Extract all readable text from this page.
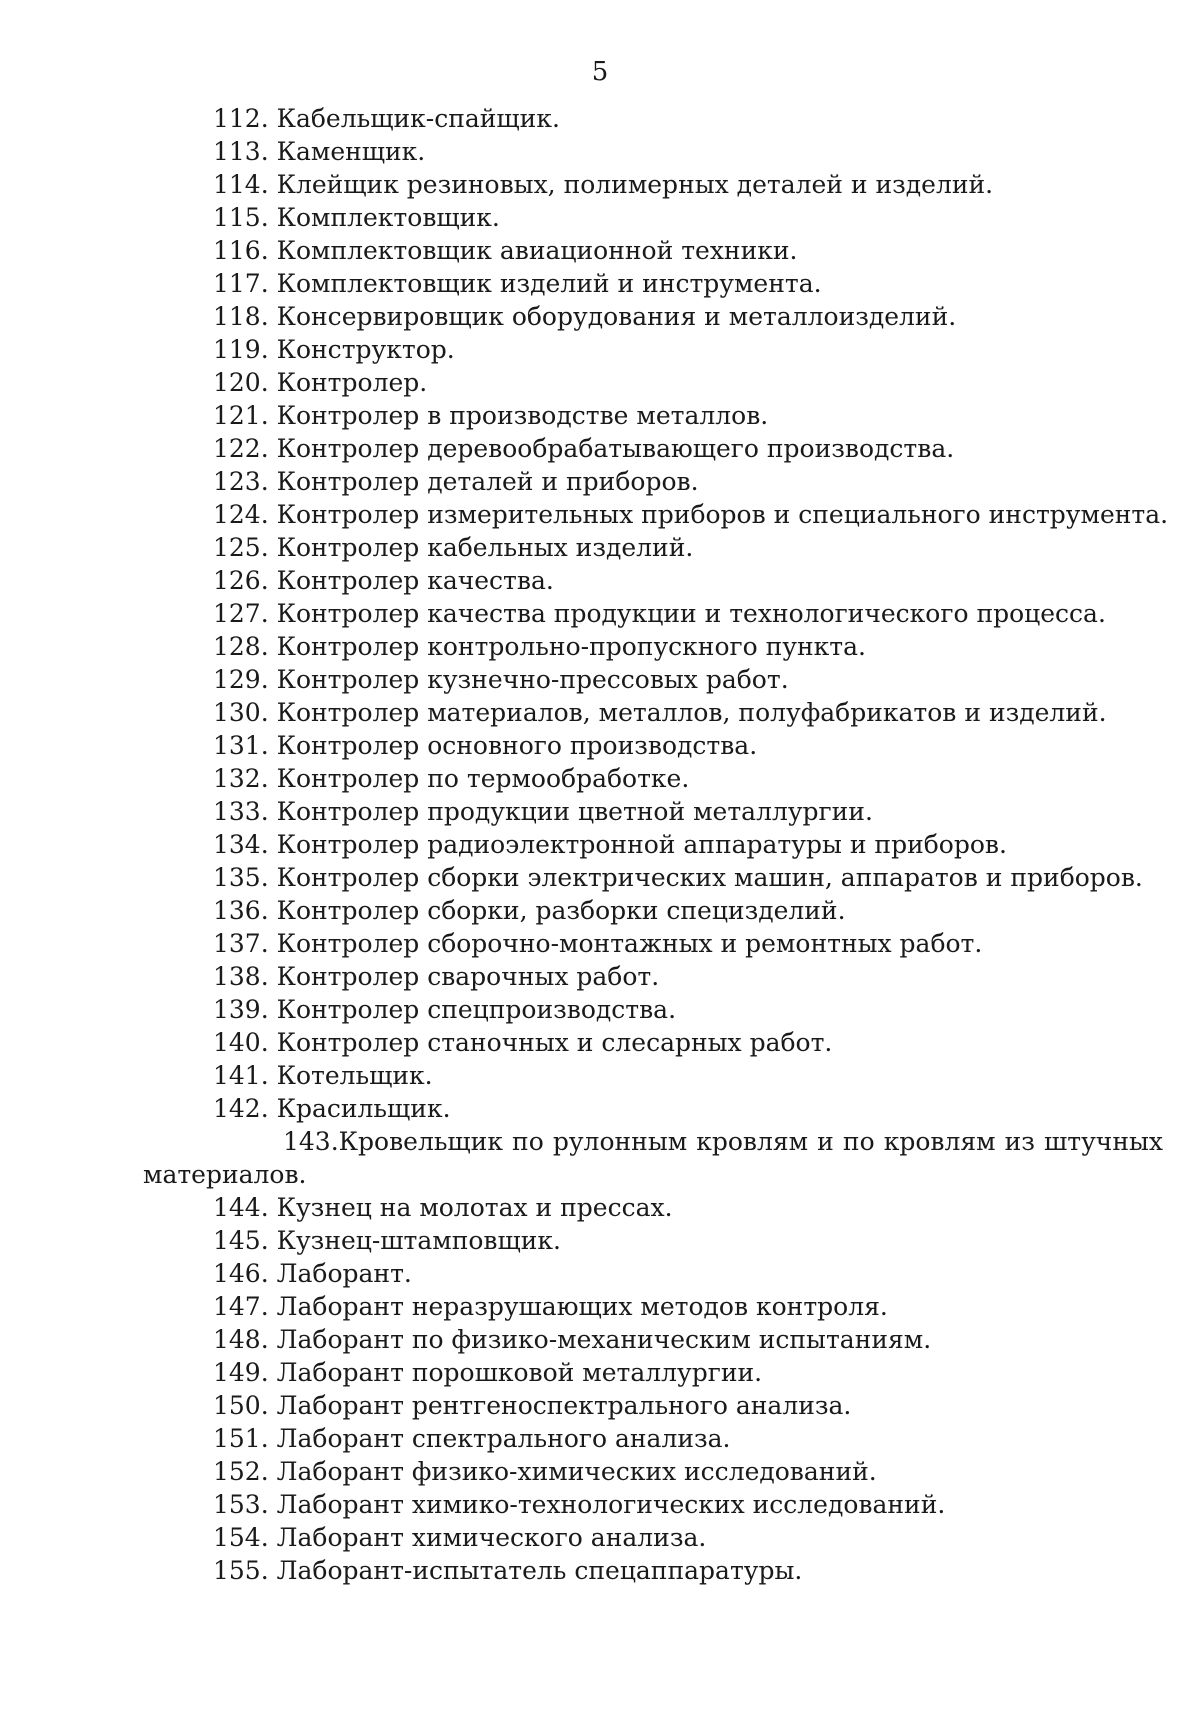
5
112. Кабельщик-спайщик.
113. Каменщик.
114. Клейщик резиновых, полимерных деталей и изделий.
115. Комплектовщик.
116. Комплектовщик авиационной техники.
117. Комплектовщик изделий и инструмента.
118. Консервировщик оборудования и металлоизделий.
119. Конструктор.
120. Контролер.
121. Контролер в производстве металлов.
122. Контролер деревообрабатывающего производства.
123. Контролер деталей и приборов.
124. Контролер измерительных приборов и специального инструмента.
125. Контролер кабельных изделий.
126. Контролер качества.
127. Контролер качества продукции и технологического процесса.
128. Контролер контрольно-пропускного пункта.
129. Контролер кузнечно-прессовых работ.
130. Контролер материалов, металлов, полуфабрикатов и изделий.
131. Контролер основного производства.
132. Контролер по термообработке.
133. Контролер продукции цветной металлургии.
134. Контролер радиоэлектронной аппаратуры и приборов.
135. Контролер сборки электрических машин, аппаратов и приборов.
136. Контролер сборки, разборки специзделий.
137. Контролер сборочно-монтажных и ремонтных работ.
138. Контролер сварочных работ.
139. Контролер спецпроизводства.
140. Контролер станочных и слесарных работ.
141. Котельщик.
142. Красильщик.
143.Кровельщик по рулонным кровлям и по кровлям из штучных
материалов.
144. Кузнец на молотах и прессах.
145. Кузнец-штамповщик.
146. Лаборант.
147. Лаборант неразрушающих методов контроля.
148. Лаборант по физико-механическим испытаниям.
149. Лаборант порошковой металлургии.
150. Лаборант рентгеноспектрального анализа.
151. Лаборант спектрального анализа.
152. Лаборант физико-химических исследований.
153. Лаборант химико-технологических исследований.
154. Лаборант химического анализа.
155. Лаборант-испытатель спецаппаратуры.
